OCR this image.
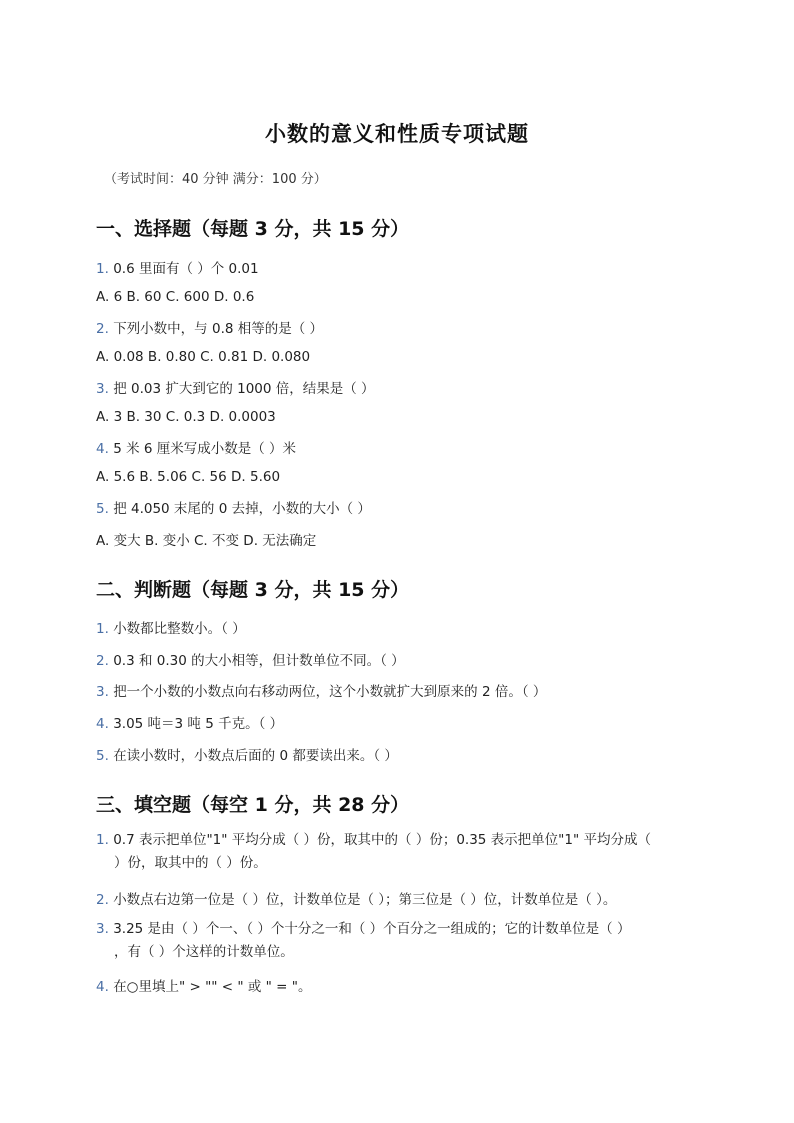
小数的意义和性质专项试题
（考试时间：40 分钟 满分：100 分）
一、选择题（每题 3 分，共 15 分）
1. 0.6 里面有（ ）个 0.01
A. 6 B. 60 C. 600 D. 0.6
2. 下列小数中，与 0.8 相等的是（ ）
A. 0.08 B. 0.80 C. 0.81 D. 0.080
3. 把 0.03 扩大到它的 1000 倍，结果是（ ）
A. 3 B. 30 C. 0.3 D. 0.0003
4. 5 米 6 厘米写成小数是（ ）米
A. 5.6 B. 5.06 C. 56 D. 5.60
5. 把 4.050 末尾的 0 去掉，小数的大小（ ）
A. 变大 B. 变小 C. 不变 D. 无法确定
二、判断题（每题 3 分，共 15 分）
1. 小数都比整数小。（ ）
2. 0.3 和 0.30 的大小相等，但计数单位不同。（ ）
3. 把一个小数的小数点向右移动两位，这个小数就扩大到原来的 2 倍。（ ）
4. 3.05 吨＝3 吨 5 千克。（ ）
5. 在读小数时，小数点后面的 0 都要读出来。（ ）
三、填空题（每空 1 分，共 28 分）
1. 0.7 表示把单位"1" 平均分成（ ）份，取其中的（ ）份；0.35 表示把单位"1" 平均分成（
）份，取其中的（ ）份。
2. 小数点右边第一位是（ ）位，计数单位是（ ）；第三位是（ ）位，计数单位是（ ）。
3. 3.25 是由（ ）个一、（ ）个十分之一和（ ）个百分之一组成的；它的计数单位是（ ）
，有（ ）个这样的计数单位。
4. 在○里填上" > "" < " 或 " = "。
